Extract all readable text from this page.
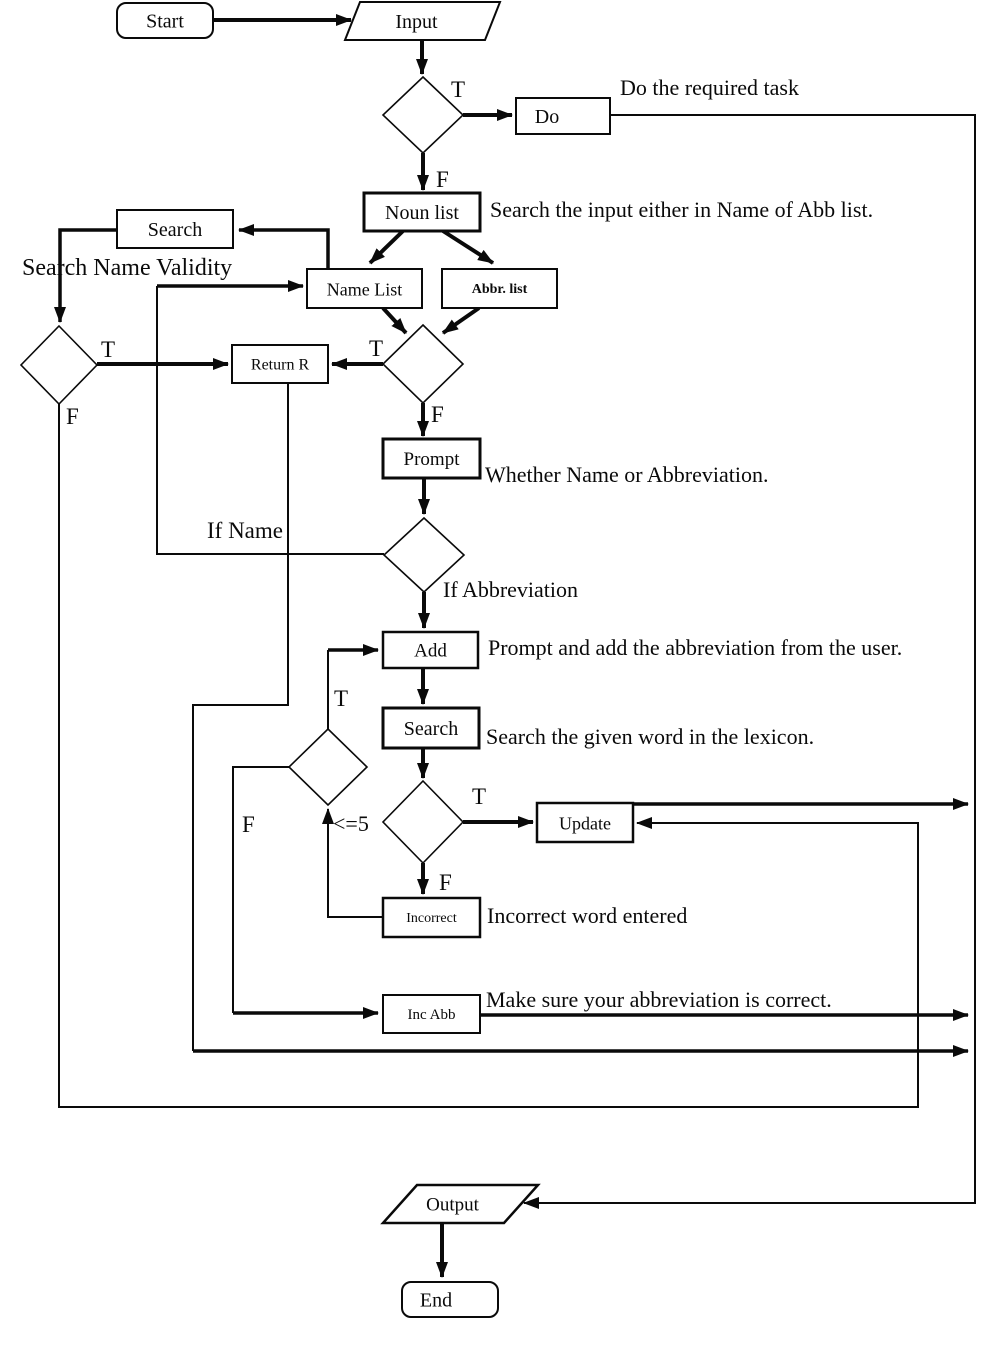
Start	Input
Do
Noun list
Search
Name List	Abbr. list
Return R
Prompt
Add
Search
Update
Incorrect
Inc Abb
Output
End
T
F
Do the required task
Search the input either in Name of Abb list.
Search Name Validity
T
F
T
F
Whether Name or Abbreviation.
If Name
If Abbreviation
Prompt and add the abbreviation from the user.
T
Search the given word in the lexicon.
T
<=5
F
F
Incorrect word entered
Make sure your abbreviation is correct.
